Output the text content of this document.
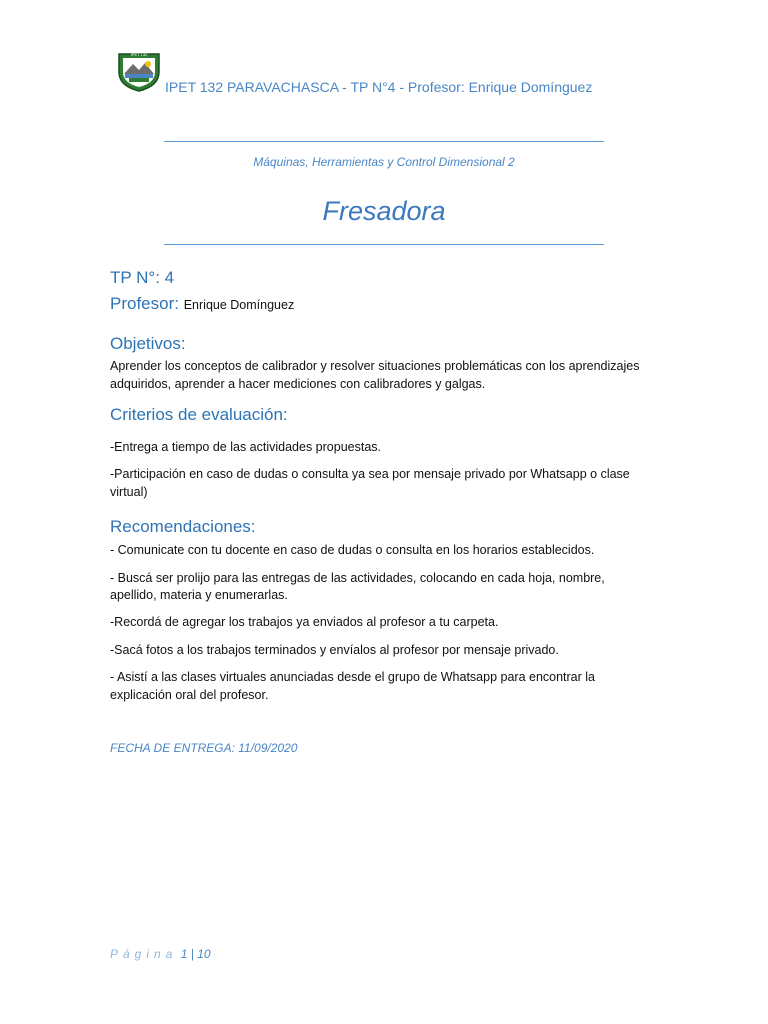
IPET 132
IPET 132 PARAVACHASCA - TP N°4 - Profesor: Enrique Domínguez
Máquinas, Herramientas y Control Dimensional 2
Fresadora
TP N°: 4
Profesor: Enrique Domínguez
Objetivos:
Aprender los conceptos de calibrador y resolver situaciones problemáticas con los aprendizajes
adquiridos, aprender a hacer mediciones con calibradores y galgas.
Criterios de evaluación:
-Entrega a tiempo de las actividades propuestas.
-Participación en caso de dudas o consulta ya sea por mensaje privado por Whatsapp o clase
virtual)
Recomendaciones:
- Comunicate con tu docente en caso de dudas o consulta en los horarios establecidos.
- Buscá ser prolijo para las entregas de las actividades, colocando en cada hoja, nombre,
apellido, materia y enumerarlas.
-Recordá de agregar los trabajos ya enviados al profesor a tu carpeta.
-Sacá fotos a los trabajos terminados y envíalos al profesor por mensaje privado.
- Asistí a las clases virtuales anunciadas desde el grupo de Whatsapp para encontrar la
explicación oral del profesor.
FECHA DE ENTREGA: 11/09/2020
Página 1 | 10
